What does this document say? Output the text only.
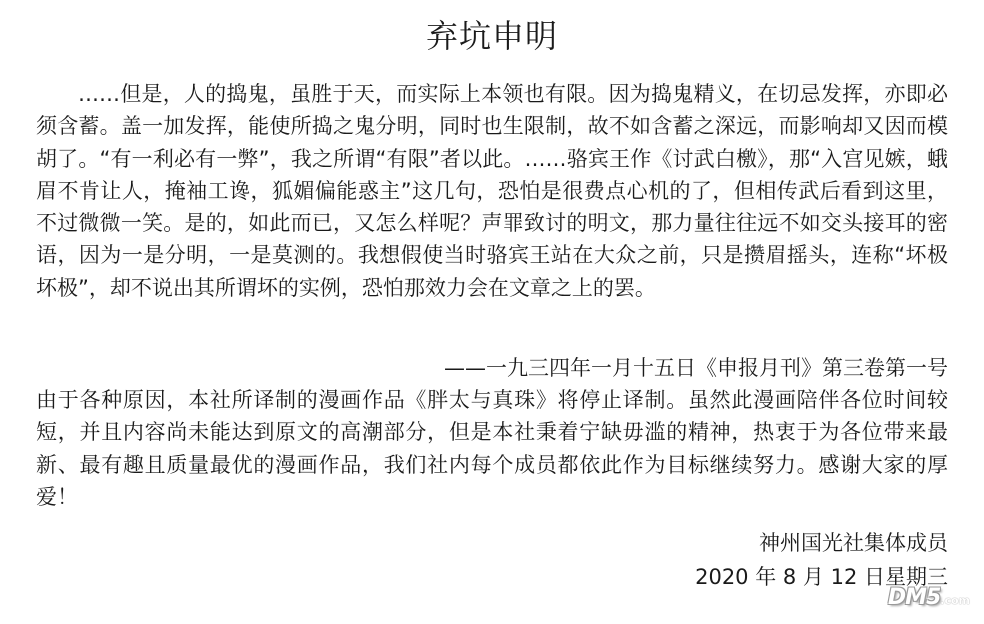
弃坑申明

……但是，人的捣鬼，虽胜于天，而实际上本领也有限。因为捣鬼精义，在切忌发挥，亦即必须含蓄。盖一加发挥，能使所捣之鬼分明，同时也生限制，故不如含蓄之深远，而影响却又因而模胡了。“有一利必有一弊”，我之所谓“有限”者以此。……骆宾王作《讨武白檄》，那“入宫见嫉，蛾眉不肯让人，掩袖工谗，狐媚偏能惑主”这几句，恐怕是很费点心机的了，但相传武后看到这里，不过微微一笑。是的，如此而已，又怎么样呢？声罪致讨的明文，那力量往往远不如交头接耳的密语，因为一是分明，一是莫测的。我想假使当时骆宾王站在大众之前，只是攒眉摇头，连称“坏极坏极”，却不说出其所谓坏的实例，恐怕那效力会在文章之上的罢。

——一九三四年一月十五日《申报月刊》第三卷第一号

由于各种原因，本社所译制的漫画作品《胖太与真珠》将停止译制。虽然此漫画陪伴各位时间较短，并且内容尚未能达到原文的高潮部分，但是本社秉着宁缺毋滥的精神，热衷于为各位带来最新、最有趣且质量最优的漫画作品，我们社内每个成员都依此作为目标继续努力。感谢大家的厚爱！

神州国光社集体成员
2020 年 8 月 12 日星期三
DM5.com
